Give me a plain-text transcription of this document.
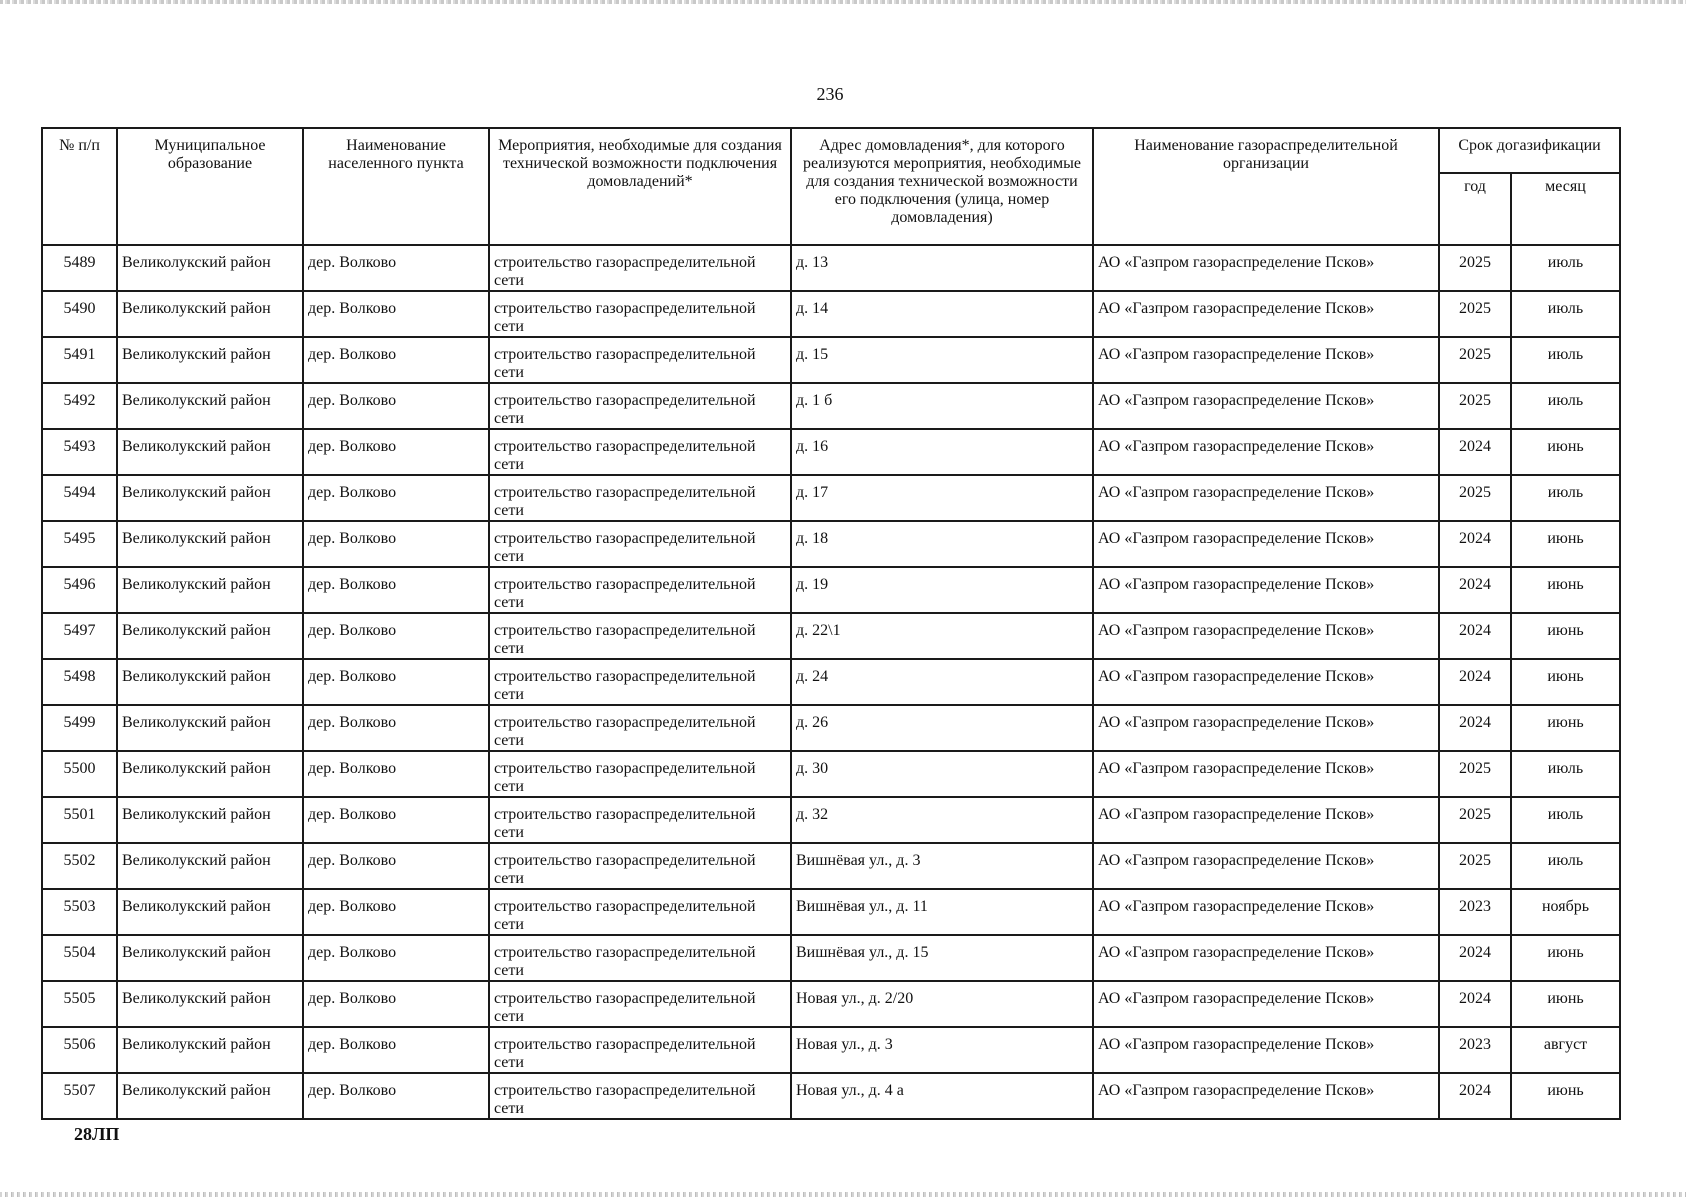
236
№ п/п	Муниципальное образование	Наименование населенного пункта	Мероприятия, необходимые для создания технической возможности подключения домовладений*	Адрес домовладения*, для которого реализуются мероприятия, необходимые для создания технической возможности его подключения (улица, номер домовладения)	Наименование газораспределительной организации	Срок догазификации	
						год	месяц
5489	Великолукский район	дер. Волково	строительство газораспределительной сети	д. 13	АО «Газпром газораспределение Псков»	2025	июль
5490	Великолукский район	дер. Волково	строительство газораспределительной сети	д. 14	АО «Газпром газораспределение Псков»	2025	июль
5491	Великолукский район	дер. Волково	строительство газораспределительной сети	д. 15	АО «Газпром газораспределение Псков»	2025	июль
5492	Великолукский район	дер. Волково	строительство газораспределительной сети	д. 1 б	АО «Газпром газораспределение Псков»	2025	июль
5493	Великолукский район	дер. Волково	строительство газораспределительной сети	д. 16	АО «Газпром газораспределение Псков»	2024	июнь
5494	Великолукский район	дер. Волково	строительство газораспределительной сети	д. 17	АО «Газпром газораспределение Псков»	2025	июль
5495	Великолукский район	дер. Волково	строительство газораспределительной сети	д. 18	АО «Газпром газораспределение Псков»	2024	июнь
5496	Великолукский район	дер. Волково	строительство газораспределительной сети	д. 19	АО «Газпром газораспределение Псков»	2024	июнь
5497	Великолукский район	дер. Волково	строительство газораспределительной сети	д. 22\1	АО «Газпром газораспределение Псков»	2024	июнь
5498	Великолукский район	дер. Волково	строительство газораспределительной сети	д. 24	АО «Газпром газораспределение Псков»	2024	июнь
5499	Великолукский район	дер. Волково	строительство газораспределительной сети	д. 26	АО «Газпром газораспределение Псков»	2024	июнь
5500	Великолукский район	дер. Волково	строительство газораспределительной сети	д. 30	АО «Газпром газораспределение Псков»	2025	июль
5501	Великолукский район	дер. Волково	строительство газораспределительной сети	д. 32	АО «Газпром газораспределение Псков»	2025	июль
5502	Великолукский район	дер. Волково	строительство газораспределительной сети	Вишнёвая ул., д. 3	АО «Газпром газораспределение Псков»	2025	июль
5503	Великолукский район	дер. Волково	строительство газораспределительной сети	Вишнёвая ул., д. 11	АО «Газпром газораспределение Псков»	2023	ноябрь
5504	Великолукский район	дер. Волково	строительство газораспределительной сети	Вишнёвая ул., д. 15	АО «Газпром газораспределение Псков»	2024	июнь
5505	Великолукский район	дер. Волково	строительство газораспределительной сети	Новая ул., д. 2/20	АО «Газпром газораспределение Псков»	2024	июнь
5506	Великолукский район	дер. Волково	строительство газораспределительной сети	Новая ул., д. 3	АО «Газпром газораспределение Псков»	2023	август
5507	Великолукский район	дер. Волково	строительство газораспределительной сети	Новая ул., д. 4 а	АО «Газпром газораспределение Псков»	2024	июнь
28ЛП
